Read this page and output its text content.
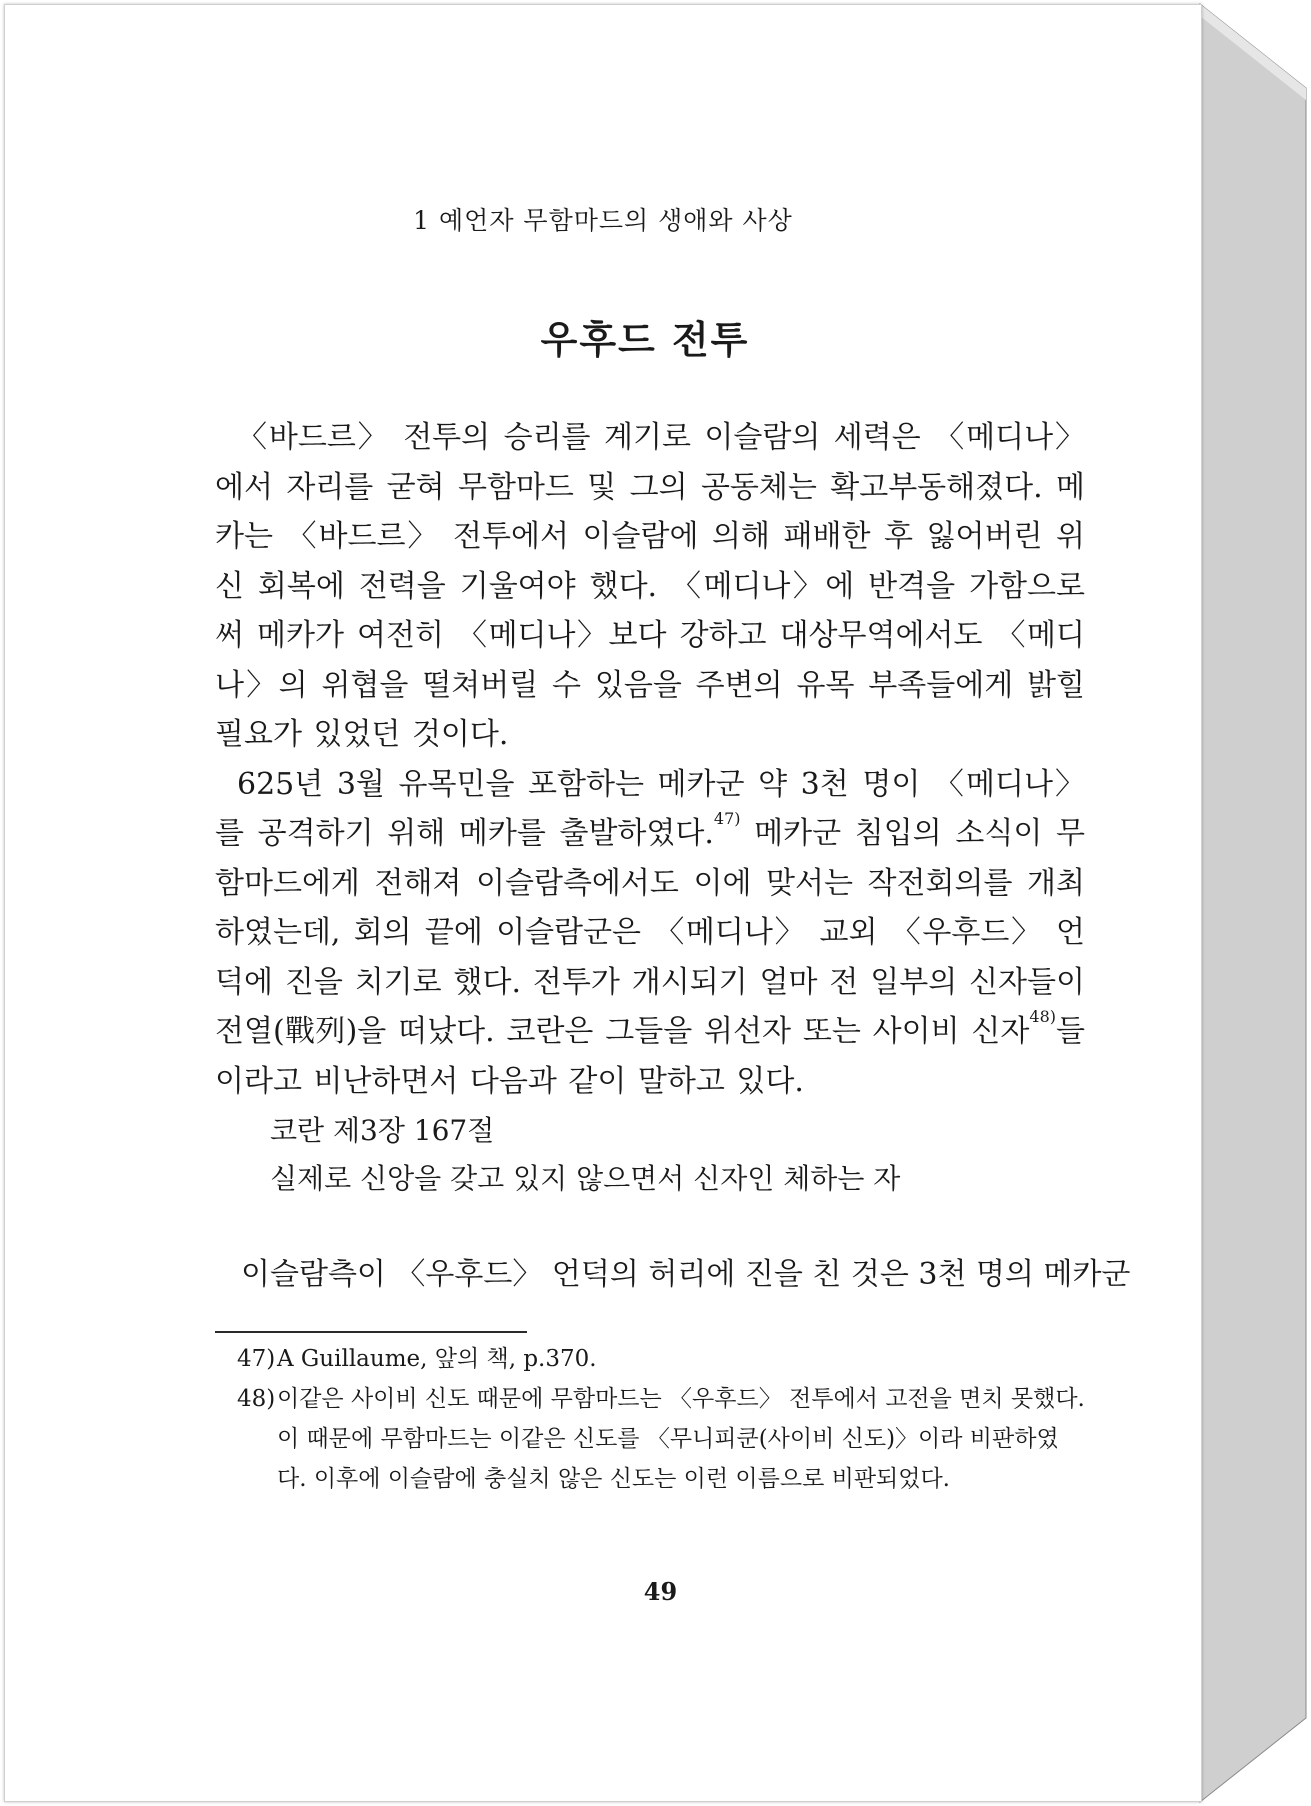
1 예언자 무함마드의 생애와 사상
우후드 전투

〈바드르〉 전투의 승리를 계기로 이슬람의 세력은 〈메디나〉에서 자리를 굳혀 무함마드 및 그의 공동체는 확고부동해졌다. 메카는 〈바드르〉 전투에서 이슬람에 의해 패배한 후 잃어버린 위신 회복에 전력을 기울여야 했다. 〈메디나〉에 반격을 가함으로써 메카가 여전히 〈메디나〉보다 강하고 대상무역에서도 〈메디나〉의 위협을 떨쳐버릴 수 있음을 주변의 유목 부족들에게 밝힐 필요가 있었던 것이다.

625년 3월 유목민을 포함하는 메카군 약 3천 명이 〈메디나〉를 공격하기 위해 메카를 출발하였다.$^{47)}$ 메카군 침입의 소식이 무함마드에게 전해져 이슬람측에서도 이에 맞서는 작전회의를 개최하였는데, 회의 끝에 이슬람군은 〈메디나〉 교외 〈우후드〉 언덕에 진을 치기로 했다. 전투가 개시되기 얼마 전 일부의 신자들이 전열(戰列)을 떠났다. 코란은 그들을 위선자 또는 사이비 신자$^{48)}$들이라고 비난하면서 다음과 같이 말하고 있다.

코란 제3장 167절
실제로 신앙을 갖고 있지 않으면서 신자인 체하는 자
이슬람측이 〈우후드〉 언덕의 허리에 진을 친 것은 3천 명의 메카군
47) A Guillaume, 앞의 책, p.370.
48) 이같은 사이비 신도 때문에 무함마드는 〈우후드〉 전투에서 고전을 면치 못했다. 이 때문에 무함마드는 이같은 신도를 〈무니피쿤(사이비 신도)〉이라 비판하였다. 이후에 이슬람에 충실치 않은 신도는 이런 이름으로 비판되었다.
49
